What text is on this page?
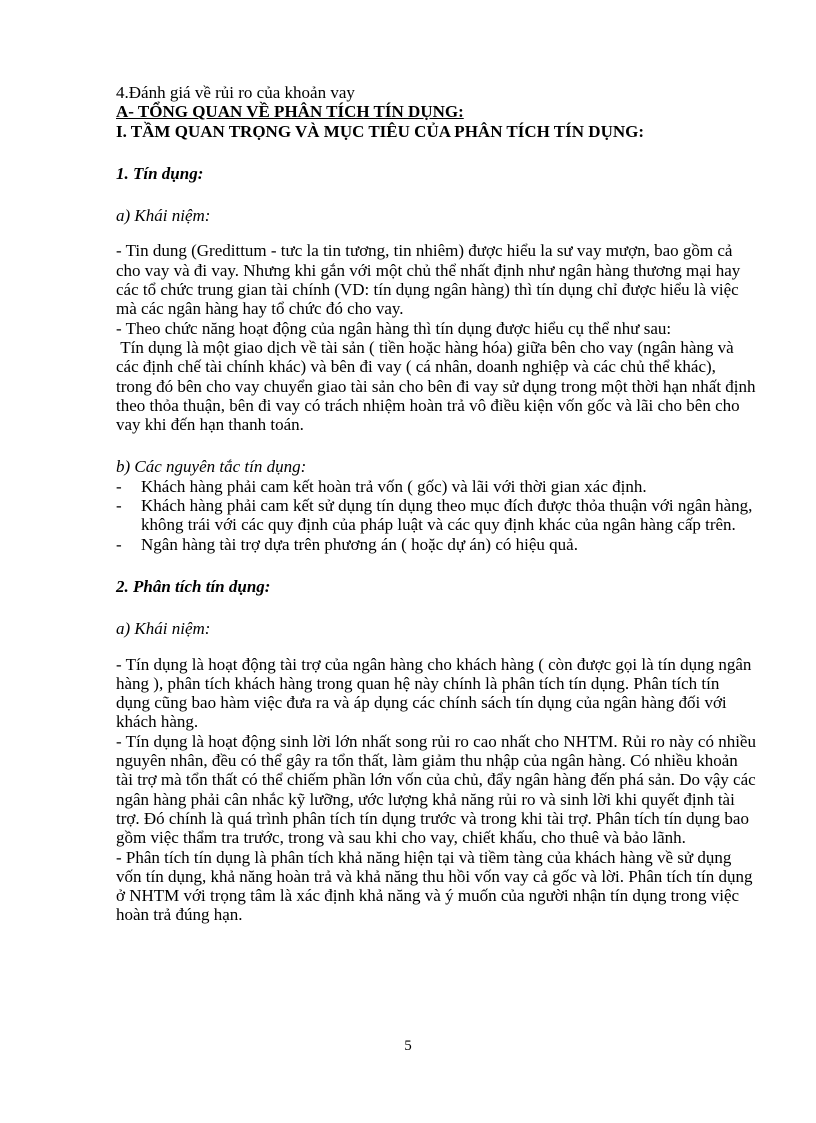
4.Đánh giá về rủi ro của khoản vay

A- TỔNG QUAN VỀ PHÂN TÍCH TÍN DỤNG:

I. TẦM QUAN TRỌNG VÀ MỤC TIÊU CỦA PHÂN TÍCH TÍN DỤNG:

1. Tín dụng:

a) Khái niệm:

- Tin dung (Gredittum - tưc la tin tương, tin nhiêm) được hiểu la sư vay mượn, bao gồm cả cho vay và đi vay. Nhưng khi gắn với một chủ thể nhất định như ngân hàng thương mại hay các tổ chức trung gian tài chính (VD: tín dụng ngân hàng) thì tín dụng chỉ được hiểu là việc mà các ngân hàng hay tổ chức đó cho vay.

- Theo chức năng hoạt động của ngân hàng thì tín dụng được hiểu cụ thể như sau:

Tín dụng là một giao dịch về tài sản ( tiền hoặc hàng hóa) giữa bên cho vay (ngân hàng và các định chế tài chính khác) và bên đi vay ( cá nhân, doanh nghiệp và các chủ thể khác), trong đó bên cho vay chuyển giao tài sản cho bên đi vay sử dụng trong một thời hạn nhất định theo thỏa thuận, bên đi vay có trách nhiệm hoàn trả vô điều kiện vốn gốc và lãi cho bên cho vay khi đến hạn thanh toán.

b) Các nguyên tắc tín dụng:

- Khách hàng phải cam kết hoàn trả vốn ( gốc) và lãi với thời gian xác định.
- Khách hàng phải cam kết sử dụng tín dụng theo mục đích được thỏa thuận với ngân hàng, không trái với các quy định của pháp luật và các quy định khác của ngân hàng cấp trên.
- Ngân hàng tài trợ dựa trên phương án ( hoặc dự án) có hiệu quả.

2. Phân tích tín dụng:

a) Khái niệm:

- Tín dụng là hoạt động tài trợ của ngân hàng cho khách hàng ( còn được gọi là tín dụng ngân hàng ), phân tích khách hàng trong quan hệ này chính là phân tích tín dụng. Phân tích tín dụng cũng bao hàm việc đưa ra và áp dụng các chính sách tín dụng của ngân hàng đối với khách hàng.

- Tín dụng là hoạt động sinh lời lớn nhất song rủi ro cao nhất cho NHTM. Rủi ro này có nhiều nguyên nhân, đều có thể gây ra tổn thất, làm giảm thu nhập của ngân hàng. Có nhiều khoản tài trợ mà tổn thất có thể chiếm phần lớn vốn của chủ, đẩy ngân hàng đến phá sản. Do vậy các ngân hàng phải cân nhắc kỹ lưỡng, ước lượng khả năng rủi ro và sinh lời khi quyết định tài trợ. Đó chính là quá trình phân tích tín dụng trước và trong khi tài trợ. Phân tích tín dụng bao gồm việc thẩm tra trước, trong và sau khi cho vay, chiết khấu, cho thuê và bảo lãnh.

- Phân tích tín dụng là phân tích khả năng hiện tại và tiềm tàng của khách hàng về sử dụng vốn tín dụng, khả năng hoàn trả và khả năng thu hồi vốn vay cả gốc và lời. Phân tích tín dụng ở NHTM với trọng tâm là xác định khả năng và ý muốn của người nhận tín dụng trong việc hoàn trả đúng hạn.

5
